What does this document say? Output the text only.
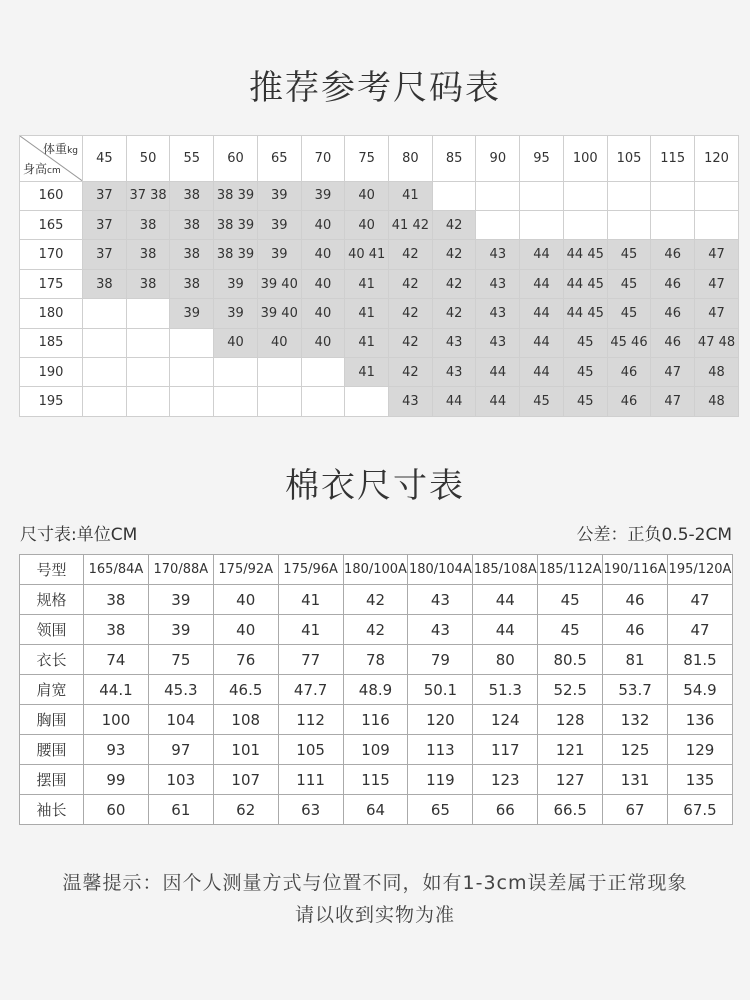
推荐参考尺码表
体重kg
身高cm	45	50	55	60	65	70	75	80	85	90	95	100	105	115	120
160	37	37 38	38	38 39	39	39	40	41							
165	37	38	38	38 39	39	40	40	41 42	42						
170	37	38	38	38 39	39	40	40 41	42	42	43	44	44 45	45	46	47
175	38	38	38	39	39 40	40	41	42	42	43	44	44 45	45	46	47
180			39	39	39 40	40	41	42	42	43	44	44 45	45	46	47
185				40	40	40	41	42	43	43	44	45	45 46	46	47 48
190							41	42	43	44	44	45	46	47	48
195								43	44	44	45	45	46	47	48
棉衣尺寸表
尺寸表:单位CM	公差：正负0.5-2CM
号型	165/84A	170/88A	175/92A	175/96A	180/100A	180/104A	185/108A	185/112A	190/116A	195/120A
规格	38	39	40	41	42	43	44	45	46	47
领围	38	39	40	41	42	43	44	45	46	47
衣长	74	75	76	77	78	79	80	80.5	81	81.5
肩宽	44.1	45.3	46.5	47.7	48.9	50.1	51.3	52.5	53.7	54.9
胸围	100	104	108	112	116	120	124	128	132	136
腰围	93	97	101	105	109	113	117	121	125	129
摆围	99	103	107	111	115	119	123	127	131	135
袖长	60	61	62	63	64	65	66	66.5	67	67.5
温馨提示：因个人测量方式与位置不同，如有1-3cm误差属于正常现象
请以收到实物为准
